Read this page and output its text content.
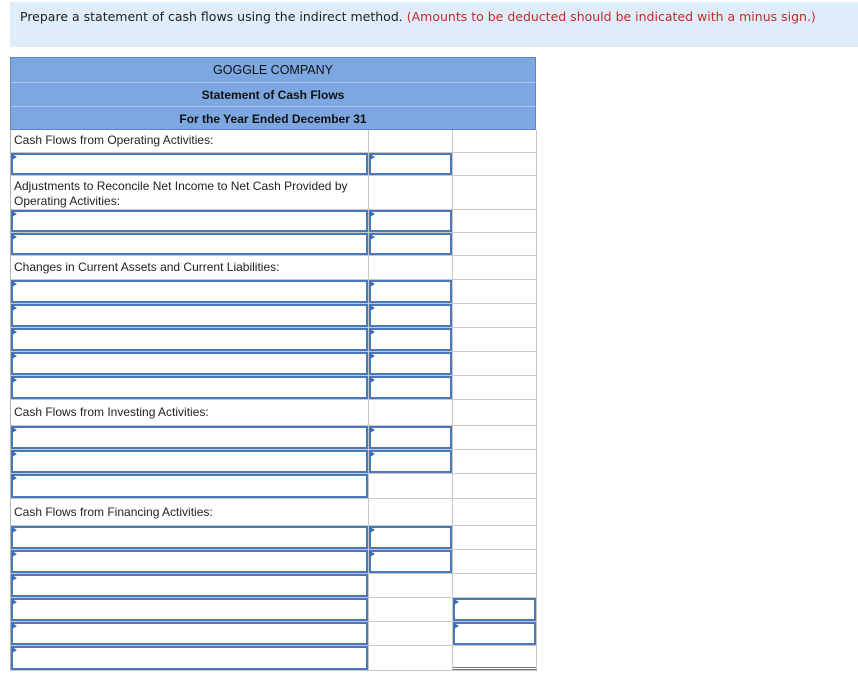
Prepare a statement of cash flows using the indirect method. (Amounts to be deducted should be indicated with a minus sign.)
GOGGLE COMPANY
Statement of Cash Flows
For the Year Ended December 31
Cash Flows from Operating Activities:
Adjustments to Reconcile Net Income to Net Cash Provided by Operating Activities:
Changes in Current Assets and Current Liabilities:
Cash Flows from Investing Activities:
Cash Flows from Financing Activities:
